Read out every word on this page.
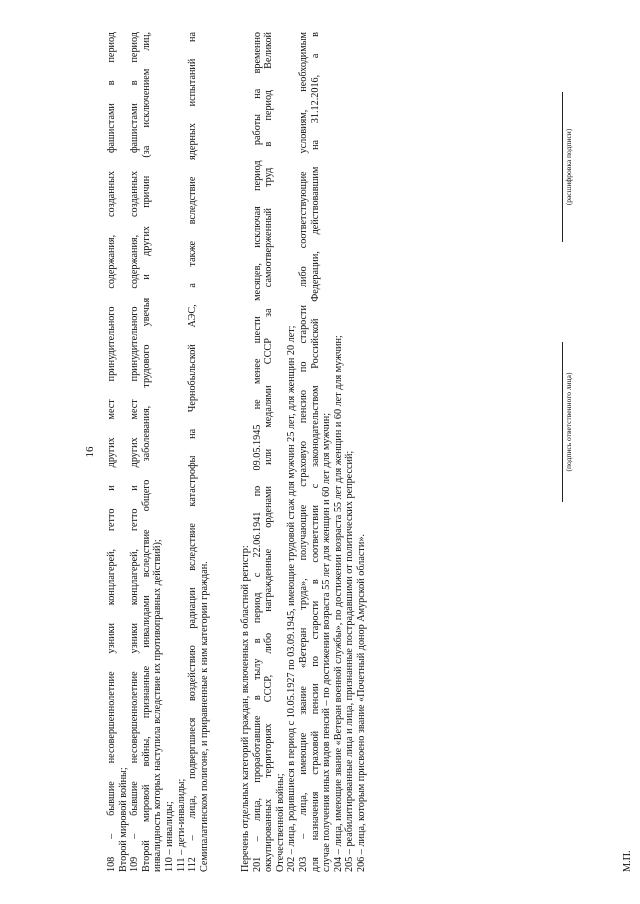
16 108 – бывшие несовершеннолетние узники концлагерей, гетто и других мест принудительного содержания, созданных фашистами в период Второй мировой войны; 109 – бывшие несовершеннолетние узники концлагерей, гетто и других мест принудительного содержания, созданных фашистами в период Второй мировой войны, признанные инвалидами вследствие общего заболевания, трудового увечья и других причин (за исключением лиц, инвалидность которых наступила вследствие их противоправных действий); 110 – инвалиды; 111 – дети-инвалиды; 112 – лица, подвергшиеся воздействию радиации вследствие катастрофы на Чернобыльской АЭС, а также вследствие ядерных испытаний на Семипалатинском полигоне, и приравненные к ним категории граждан.	Перечень отдельных категорий граждан, включенных в областной регистр: 201 – лица, проработавшие в тылу в период с 22.06.1941 по 09.05.1945 не менее шести месяцев, исключая период работы на временно оккупированных территориях СССР, либо награжденные орденами или медалями СССР за самоотверженный труд в период Великой Отечественной войны; 202 – лица, родившиеся в период с 10.05.1927 по 03.09.1945, имеющие трудовой стаж для мужчин 25 лет, для женщин 20 лет; 203 – лица, имеющие звание «Ветеран труда», получающие страховую пенсию по старости либо соответствующие условиям, необходимым для назначения страховой пенсии по старости в соответствии с законодательством Российской Федерации, действовавшим на 31.12.2016, а в случае получения иных видов пенсий – по достижении возраста 55 лет для женщин и 60 лет для мужчин; 204 – лица, имеющие звание «Ветеран военной службы», по достижении возраста 55 лет для женщин и 60 лет для мужчин; 205 – реабилитированные лица и лица, признанные пострадавшими от политических репрессий; 206 – лица, которым присвоено звание «Почетный донор Амурской области».
(подпись ответственного лица)
(расшифровка подписи)
М.П.
